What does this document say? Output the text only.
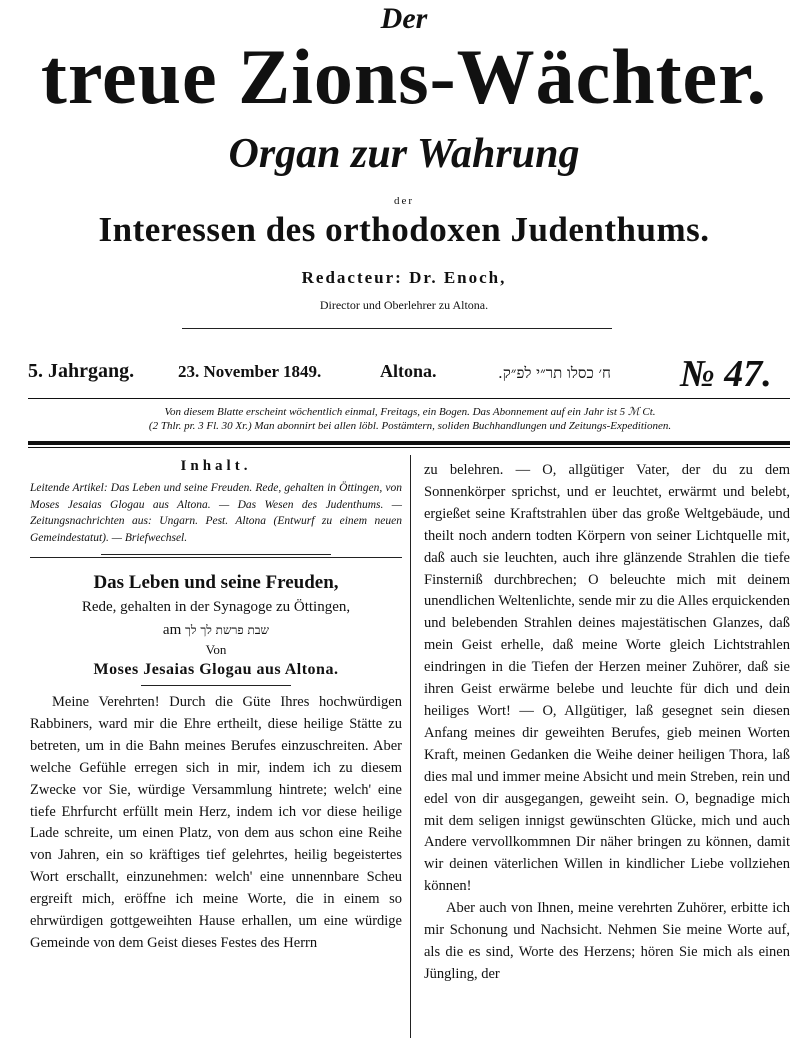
Der
treue Zions-Wächter.
Organ zur Wahrung
der
Interessen des orthodoxen Judenthums.
Redacteur: Dr. Enoch,
Director und Oberlehrer zu Altona.
5. Jahrgang.	23. November 1849.	Altona.	ח׳ כסלו תר״י לפ״ק. № 47.
Von diesem Blatte erscheint wöchentlich einmal, Freitags, ein Bogen. Das Abonnement auf ein Jahr ist 5 ℳ Ct.
(2 Thlr. pr. 3 Fl. 30 Xr.) Man abonnirt bei allen löbl. Postämtern, soliden Buchhandlungen und Zeitungs-Expeditionen.
Inhalt.
Leitende Artikel: Das Leben und seine Freuden. Rede, gehalten in Öttingen, von Moses Jesaias Glogau aus Altona. — Das Wesen des Judenthums. — Zeitungsnachrichten aus: Ungarn. Pest. Altona (Entwurf zu einem neuen Gemeindestatut). — Briefwechsel.
Das Leben und seine Freuden,
Rede, gehalten in der Synagoge zu Öttingen,
am שבת פרשת לך לך
Von
Moses Jesaias Glogau aus Altona.

Meine Verehrten! Durch die Güte Ihres hochwürdigen Rabbiners, ward mir die Ehre ertheilt, diese heilige Stätte zu betreten, um in die Bahn meines Berufes einzuschreiten. Aber welche Gefühle erregen sich in mir, indem ich zu diesem Zwecke vor Sie, würdige Versammlung hintrete; welch' eine tiefe Ehrfurcht erfüllt mein Herz, indem ich vor diese heilige Lade schreite, um einen Platz, von dem aus schon eine Reihe von Jahren, ein so kräftiges tief gelehrtes, heilig begeistertes Wort erschallt, einzunehmen: welch' eine unnennbare Scheu ergreift mich, eröffne ich meine Worte, die in einem so ehrwürdigen gottgeweihten Hause erhallen, um eine würdige Gemeinde von dem Geist dieses Festes des Herrn

zu belehren. — O, allgütiger Vater, der du zu dem Sonnenkörper sprichst, und er leuchtet, erwärmt und belebt, ergießet seine Kraftstrahlen über das große Weltgebäude, und theilt noch andern todten Körpern von seiner Lichtquelle mit, daß auch sie leuchten, auch ihre glänzende Strahlen die tiefe Finsterniß durchbrechen; O beleuchte mich mit deinem unendlichen Weltenlichte, sende mir zu die Alles erquickenden und belebenden Strahlen deines majestätischen Glanzes, daß mein Geist erhelle, daß meine Worte gleich Lichtstrahlen eindringen in die Tiefen der Herzen meiner Zuhörer, daß sie ihren Geist erwärme belebe und leuchte für dich und dein heiliges Wort! — O, Allgütiger, laß gesegnet sein diesen Anfang meines dir geweihten Berufes, gieb meinen Worten Kraft, meinen Gedanken die Weihe deiner heiligen Thora, laß dies mal und immer meine Absicht und mein Streben, rein und edel von dir ausgegangen, geweiht sein. O, begnadige mich mit dem seligen innigst gewünschten Glücke, mich und auch Andere vervollkommnen Dir näher bringen zu können, damit wir deinen väterlichen Willen in kindlicher Liebe vollziehen können!

Aber auch von Ihnen, meine verehrten Zuhörer, erbitte ich mir Schonung und Nachsicht. Nehmen Sie meine Worte auf, als die es sind, Worte des Herzens; hören Sie mich als einen Jüngling, der
